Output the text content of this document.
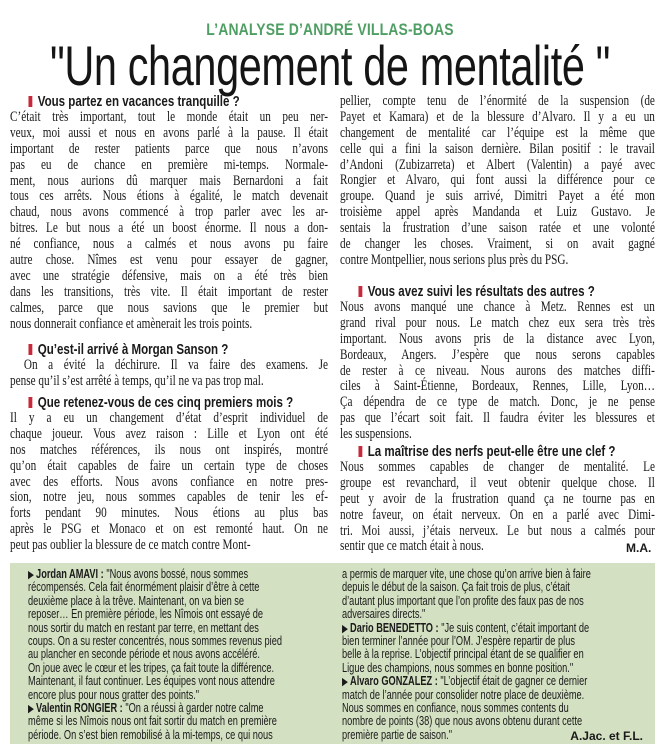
L’ANALYSE D’ANDRÉ VILLAS-BOAS
"Un changement de mentalité "
Vous partez en vacances tranquille ?
C’était très important, tout le monde était un peu ner-
veux, moi aussi et nous en avons parlé à la pause. Il était
important de rester patients parce que nous n’avons
pas eu de chance en première mi-temps. Normale-
ment, nous aurions dû marquer mais Bernardoni a fait
tous ces arrêts. Nous étions à égalité, le match devenait
chaud, nous avons commencé à trop parler avec les ar-
bitres. Le but nous a été un boost énorme. Il nous a don-
né confiance, nous a calmés et nous avons pu faire
autre chose. Nîmes est venu pour essayer de gagner,
avec une stratégie défensive, mais on a été très bien
dans les transitions, très vite. Il était important de rester
calmes, parce que nous savions que le premier but
nous donnerait confiance et amènerait les trois points.
Qu’est-il arrivé à Morgan Sanson ?
On a évité la déchirure. Il va faire des examens. Je
pense qu’il s’est arrêté à temps, qu’il ne va pas trop mal.
Que retenez-vous de ces cinq premiers mois ?
Il y a eu un changement d’état d’esprit individuel de
chaque joueur. Vous avez raison : Lille et Lyon ont été
nos matches références, ils nous ont inspirés, montré
qu’on était capables de faire un certain type de choses
avec des efforts. Nous avons confiance en notre pres-
sion, notre jeu, nous sommes capables de tenir les ef-
forts pendant 90 minutes. Nous étions au plus bas
après le PSG et Monaco et on est remonté haut. On ne
peut pas oublier la blessure de ce match contre Mont-
pellier, compte tenu de l’énormité de la suspension (de
Payet et Kamara) et de la blessure d’Alvaro. Il y a eu un
changement de mentalité car l’équipe est la même que
celle qui a fini la saison dernière. Bilan positif : le travail
d’Andoni (Zubizarreta) et Albert (Valentin) a payé avec
Rongier et Alvaro, qui font aussi la différence pour ce
groupe. Quand je suis arrivé, Dimitri Payet a été mon
troisième appel après Mandanda et Luiz Gustavo. Je
sentais la frustration d’une saison ratée et une volonté
de changer les choses. Vraiment, si on avait gagné
contre Montpellier, nous serions plus près du PSG.
Vous avez suivi les résultats des autres ?
Nous avons manqué une chance à Metz. Rennes est un
grand rival pour nous. Le match chez eux sera très très
important. Nous avons pris de la distance avec Lyon,
Bordeaux, Angers. J’espère que nous serons capables
de rester à ce niveau. Nous aurons des matches diffi-
ciles à Saint-Étienne, Bordeaux, Rennes, Lille, Lyon…
Ça dépendra de ce type de match. Donc, je ne pense
pas que l’écart soit fait. Il faudra éviter les blessures et
les suspensions.
La maîtrise des nerfs peut-elle être une clef ?
Nous sommes capables de changer de mentalité. Le
groupe est revanchard, il veut obtenir quelque chose. Il
peut y avoir de la frustration quand ça ne tourne pas en
notre faveur, on était nerveux. On en a parlé avec Dimi-
tri. Moi aussi, j’étais nerveux. Le but nous a calmés pour
sentir que ce match était à nous.	M.A.
▶ Jordan AMAVI : "Nous avons bossé, nous sommes
récompensés. Cela fait énormément plaisir d’être à cette
deuxième place à la trêve. Maintenant, on va bien se
reposer… En première période, les Nîmois ont essayé de
nous sortir du match en restant par terre, en mettant des
coups. On a su rester concentrés, nous sommes revenus pied
au plancher en seconde période et nous avons accéléré.
On joue avec le cœur et les tripes, ça fait toute la différence.
Maintenant, il faut continuer. Les équipes vont nous attendre
encore plus pour nous gratter des points."
▶ Valentin RONGIER : "On a réussi à garder notre calme
même si les Nîmois nous ont fait sortir du match en première
période. On s’est bien remobilisé à la mi-temps, ce qui nous
a permis de marquer vite, une chose qu’on arrive bien à faire
depuis le début de la saison. Ça fait trois de plus, c’était
d’autant plus important que l’on profite des faux pas de nos
adversaires directs."
▶ Dario BENEDETTO : "Je suis content, c’était important de
bien terminer l’année pour l’OM. J’espère repartir de plus
belle à la reprise. L’objectif principal étant de se qualifier en
Ligue des champions, nous sommes en bonne position."
▶ Alvaro GONZALEZ : "L’objectif était de gagner ce dernier
match de l’année pour consolider notre place de deuxième.
Nous sommes en confiance, nous sommes contents du
nombre de points (38) que nous avons obtenu durant cette
première partie de saison."	A.Jac. et F.L.
